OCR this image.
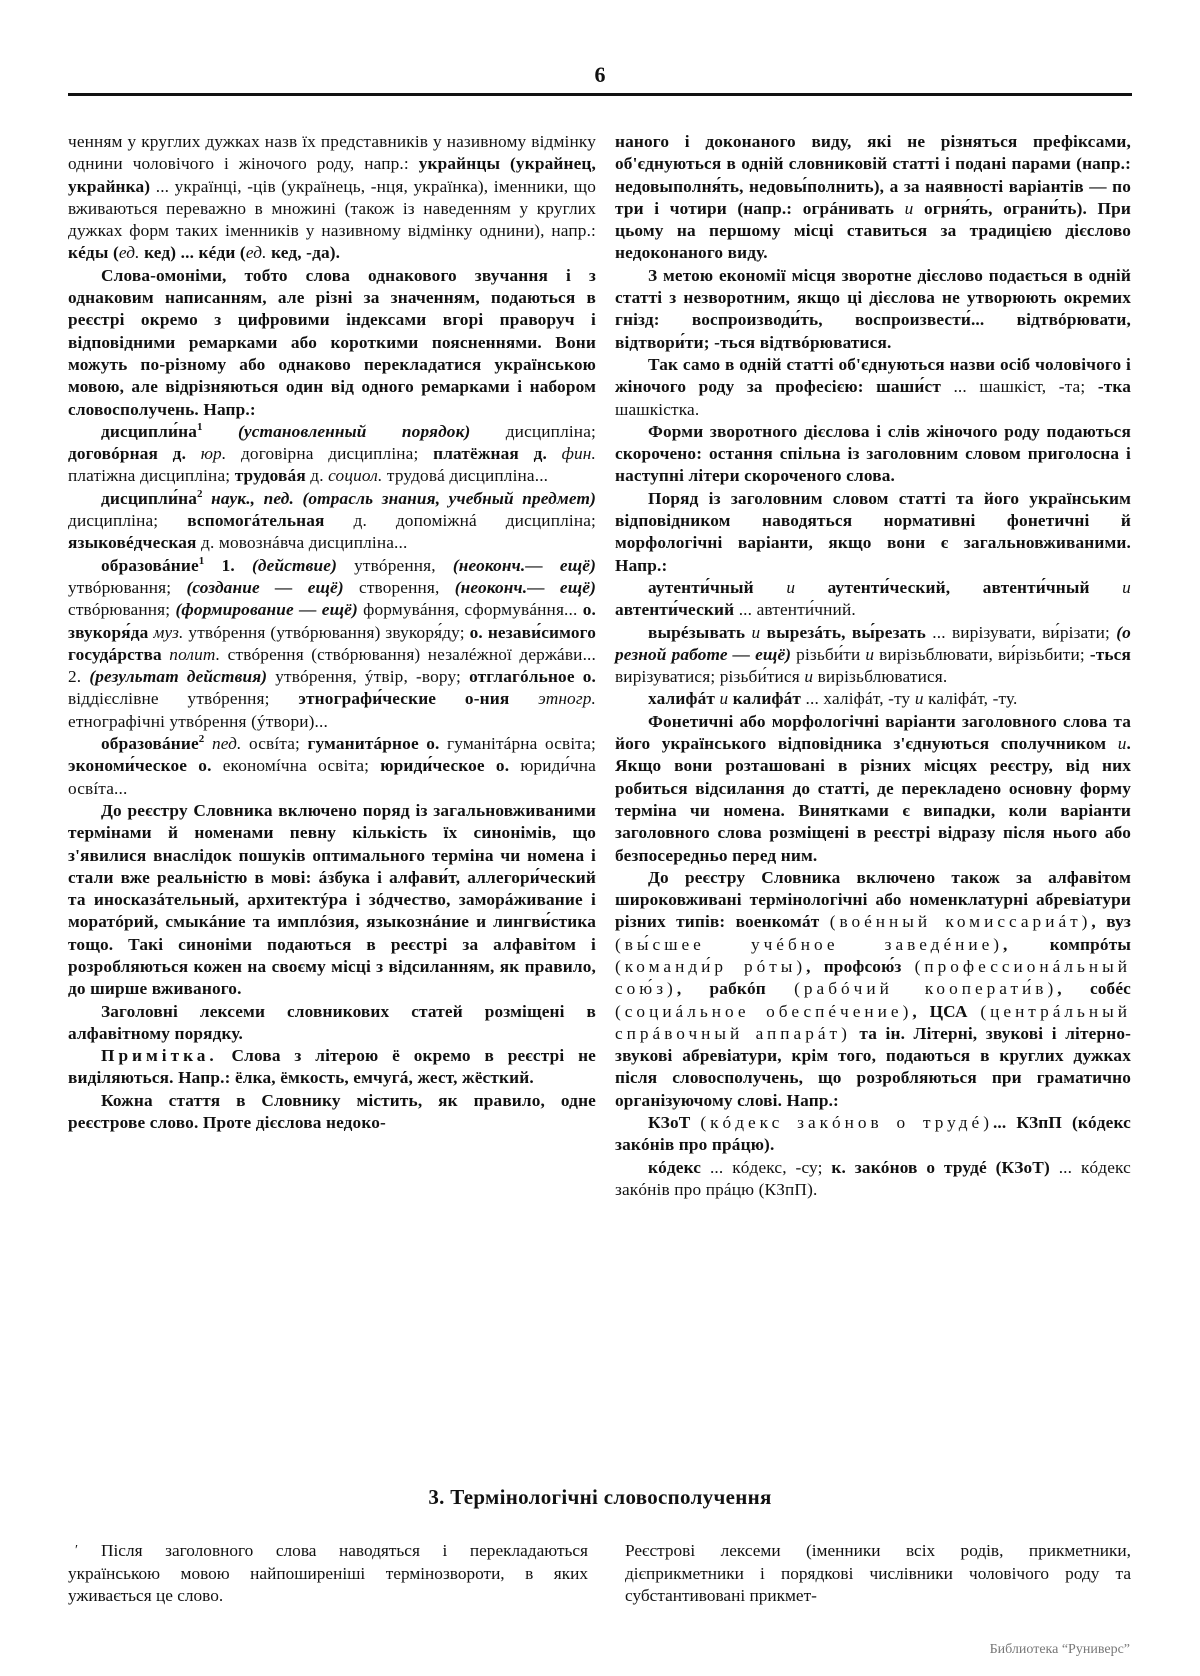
6

ченням у круглих дужках назв їх представників у називному відмінку однини чоловічого і жіночого роду, напр.: украйнцы (украйнец, украйнка) ... українці, -ців (українець, -нця, українка), іменники, що вживаються переважно в множині (також із наведенням у круглих дужках форм таких іменників у називному відмінку однини), напр.: кéды (ед. кед) ... кéди (ед. кед, -да).

Слова-омоніми, тобто слова однакового звучання і з однаковим написанням, але різні за значенням, подаються в реєстрі окремо з цифровими індексами вгорі праворуч і відповідними ремарками або короткими поясненнями. Вони можуть по-різному або однаково перекладатися українською мовою, але відрізняються один від одного ремарками і набором словосполучень. Напр.:

$дисципли́на^1$ (установленный порядок) дисципліна; договóрная д. юр. договірна дисципліна; платёжная д. фин. платіжна дисципліна; трудовáя д. социол. трудовá дисципліна...

$дисципли́на^2$ наук., пед. (отрасль знания, учебный предмет) дисципліна; вспомогáтельная д. допоміжнá дисципліна; языковéдческая д. мовознáвча дисципліна...

образовáние$^1$ 1. (действие) утвóрення, (неоконч.— ещё) утвóрювання; (создание — ещё) створення, (неоконч.— ещё) ствóрювання; (формирование — ещё) формувáння, сформувáння... о. звукоря́да муз. утвóрення (утвóрювання) звукоря́ду; о. незави́симого госудáрства полит. ствóрення (ствóрювання) незалéжної держáви... 2. (результат действия) утвóрення, ýтвір, -вору; отглагóльное о. віддієслівне утвóрення; этнографи́ческие о-ния этногр. етнографічні утвóрення (ýтвори)...

образовáние$^2$ пед. освíта; гуманитáрное о. гуманітáрна освіта; экономи́ческое о. економíчна освіта; юриди́ческое о. юриди́чна освíта...

До реєстру Словника включено поряд із загальновживаними термінами й номенами певну кількість їх синонімів, що з'явилися внаслідок пошуків оптимального терміна чи номена і стали вже реальністю в мові: áзбука і алфави́т, аллегори́ческий та иносказáтельный, архитектýра і зóдчество, заморáживание і моратóрий, смыкáние та имплóзия, языкознáние и лингви́стика тощо. Такі синоніми подаються в реєстрі за алфавітом і розробляються кожен на своєму місці з відсиланням, як правило, до ширше вживаного.

Заголовні лексеми словникових статей розміщені в алфавітному порядку.

Примітка. Слова з літерою ё окремо в реєстрі не виділяються. Напр.: ёлка, ёмкость, емчугá, жест, жёсткий.

Кожна стаття в Словнику містить, як правило, одне реєстрове слово. Проте дієслова недоко-

наного і доконаного виду, які не різняться префіксами, об'єднуються в одній словниковій статті і подані парами (напр.: недовыполня́ть, недовы́полнить), а за наявності варіантів — по три і чотири (напр.: огрáнивать и огрня́ть, ограни́ть). При цьому на першому місці ставиться за традицією дієслово недоконаного виду.

З метою економії місця зворотне дієслово подається в одній статті з незворотним, якщо ці дієслова не утворюють окремих гнізд: воспроизводи́ть, воспроизвести́... відтвóрювати, відтвори́ти; -ться відтвóрюватися.

Так само в одній статті об'єднуються назви осіб чоловічого і жіночого роду за професією: шаши́ст ... шашкіст, -та; -тка шашкістка.

Форми зворотного дієслова і слів жіночого роду подаються скорочено: остання спільна із заголовним словом приголосна і наступні літери скороченого слова.

Поряд із заголовним словом статті та його українським відповідником наводяться нормативні фонетичні й морфологічні варіанти, якщо вони є загальновживаними. Напр.:

аутенти́чный и аутенти́ческий, автенти́чный и автенти́ческий ... автенти́чний.

вырéзывать и вырезáть, вы́резать ... вирізувати, ви́різати; (о резной работе — ещё) різьби́ти и вирізьблювати, ви́різьбити; -ться вирізуватися; різьби́тися и вирізьблюватися.

халифáт и калифáт ... халіфáт, -ту и каліфáт, -ту.

Фонетичні або морфологічні варіанти заголовного слова та його українського відповідника з'єднуються сполучником и. Якщо вони розташовані в різних місцях реєстру, від них робиться відсилання до статті, де перекладено основну форму терміна чи номена. Винятками є випадки, коли варіанти заголовного слова розміщені в реєстрі відразу після нього або безпосередньо перед ним.

До реєстру Словника включено також за алфавітом широковживані термінологічні або номенклатурні абревіатури різних типів: военкомáт (воéнный комиссариáт), вуз (вы́сшее учéбное заведéние), компрóты (команди́р рóты), профсою́з (профессионáльный сою́з), рабкóп (рабóчий кооперати́в), собéс (социáльное обеспéчение), ЦСА (центрáльный спрáвочный аппарáт) та ін. Літерні, звукові і літерно-звукові абревіатури, крім того, подаються в круглих дужках після словосполучень, що розробляються при граматично організуючому слові. Напр.:

КЗоТ (кóдекс закóнов о трудé)... КЗпП (кóдекс закóнів про прáцю).

кóдекс ... кóдекс, -су; к. закóнов о трудé (КЗоТ) ... кóдекс закóнів про прáцю (КЗпП).

3. Термінологічні словосполучення
′	Після заголовного слова наводяться і перекладаються українською мовою найпоширеніші термінозвороти, в яких уживається це слово.

Реєстрові лексеми (іменники всіх родів, прикметники, дієприкметники і порядкові числівники чоловічого роду та субстантивовані прикмет-

Библиотека “Руниверс”
